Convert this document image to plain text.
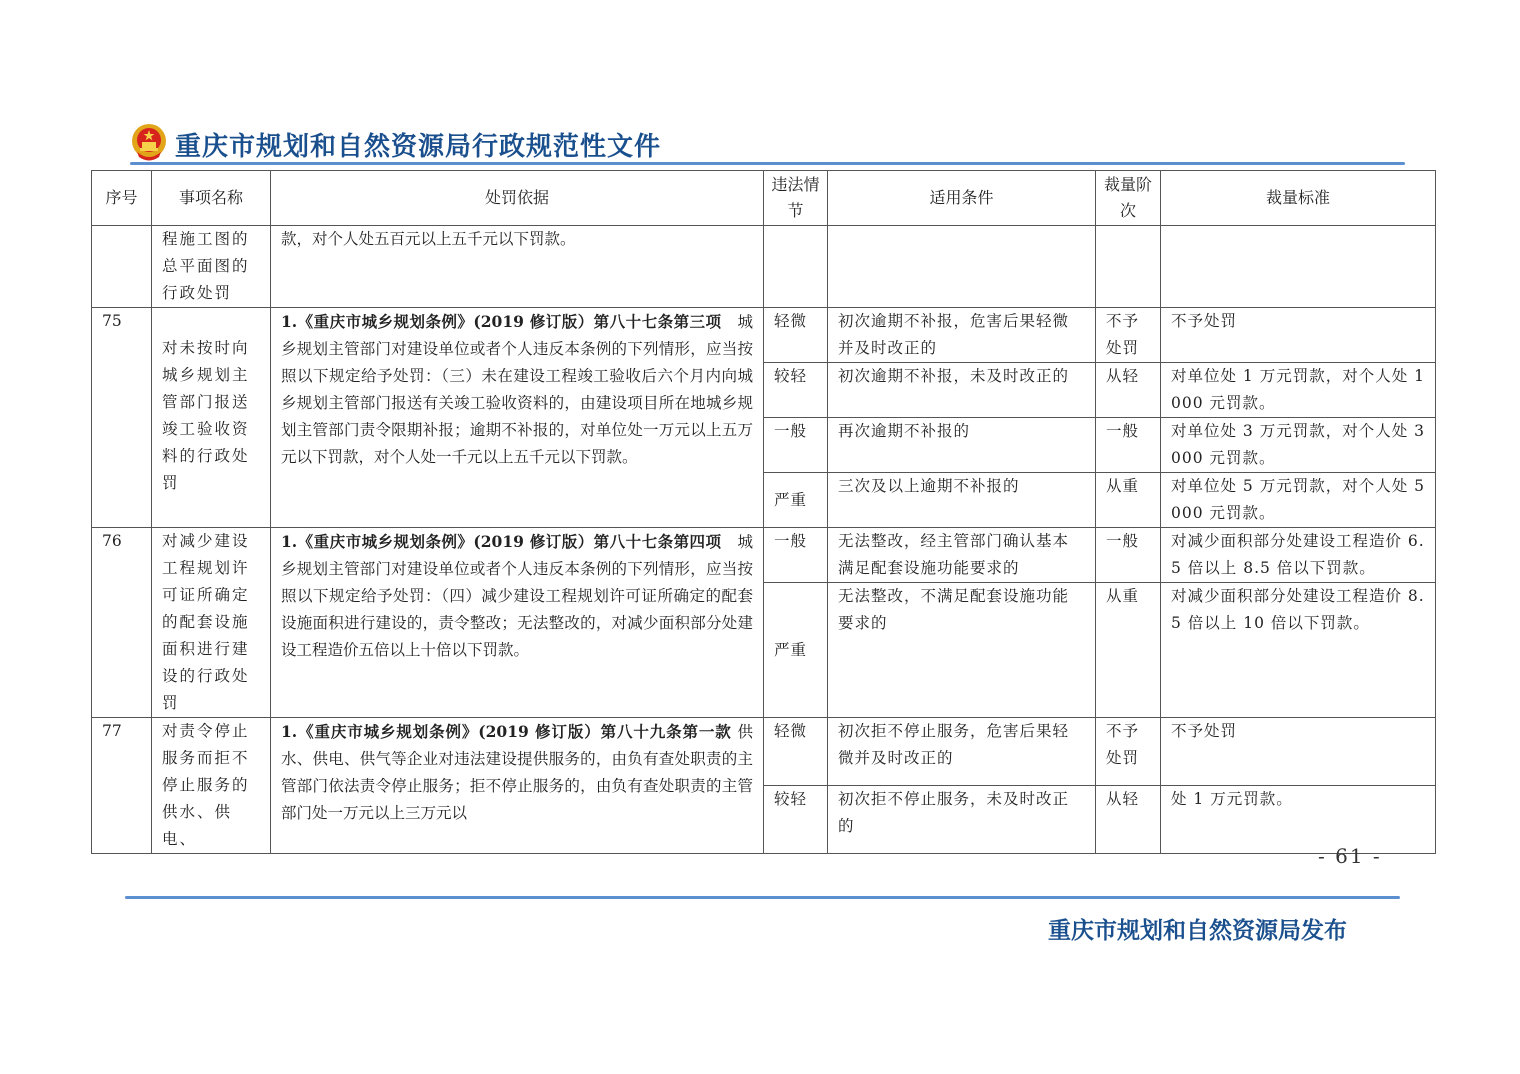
重庆市规划和自然资源局行政规范性文件
序号	事项名称	处罚依据	违法情节	适用条件	裁量阶次	裁量标准
	程施工图的总平面图的行政处罚	款，对个人处五百元以上五千元以下罚款。				
75	对未按时向城乡规划主管部门报送竣工验收资料的行政处罚	1.《重庆市城乡规划条例》(2019 修订版）第八十七条第三项　城乡规划主管部门对建设单位或者个人违反本条例的下列情形，应当按照以下规定给予处罚：（三）未在建设工程竣工验收后六个月内向城乡规划主管部门报送有关竣工验收资料的，由建设项目所在地城乡规划主管部门责令限期补报；逾期不补报的，对单位处一万元以上五万元以下罚款，对个人处一千元以上五千元以下罚款。	轻微	初次逾期不补报，危害后果轻微并及时改正的	不予处罚	不予处罚
			较轻	初次逾期不补报，未及时改正的	从轻	对单位处 1 万元罚款，对个人处 1000 元罚款。
			一般	再次逾期不补报的	一般	对单位处 3 万元罚款，对个人处 3000 元罚款。
			严重	三次及以上逾期不补报的	从重	对单位处 5 万元罚款，对个人处 5000 元罚款。
76	对减少建设工程规划许可证所确定的配套设施面积进行建设的行政处罚	1.《重庆市城乡规划条例》(2019 修订版）第八十七条第四项　城乡规划主管部门对建设单位或者个人违反本条例的下列情形，应当按照以下规定给予处罚：（四）减少建设工程规划许可证所确定的配套设施面积进行建设的，责令整改；无法整改的，对减少面积部分处建设工程造价五倍以上十倍以下罚款。	一般	无法整改，经主管部门确认基本满足配套设施功能要求的	一般	对减少面积部分处建设工程造价 6.5 倍以上 8.5 倍以下罚款。
			严重	无法整改，不满足配套设施功能要求的	从重	对减少面积部分处建设工程造价 8.5 倍以上 10 倍以下罚款。
77	对责令停止服务而拒不停止服务的供水、供电、	1.《重庆市城乡规划条例》(2019 修订版）第八十九条第一款 供水、供电、供气等企业对违法建设提供服务的，由负有查处职责的主管部门依法责令停止服务；拒不停止服务的，由负有查处职责的主管部门处一万元以上三万元以	轻微	初次拒不停止服务，危害后果轻微并及时改正的	不予处罚	不予处罚
			较轻	初次拒不停止服务，未及时改正的	从轻	处 1 万元罚款。
- 61 -
重庆市规划和自然资源局发布
